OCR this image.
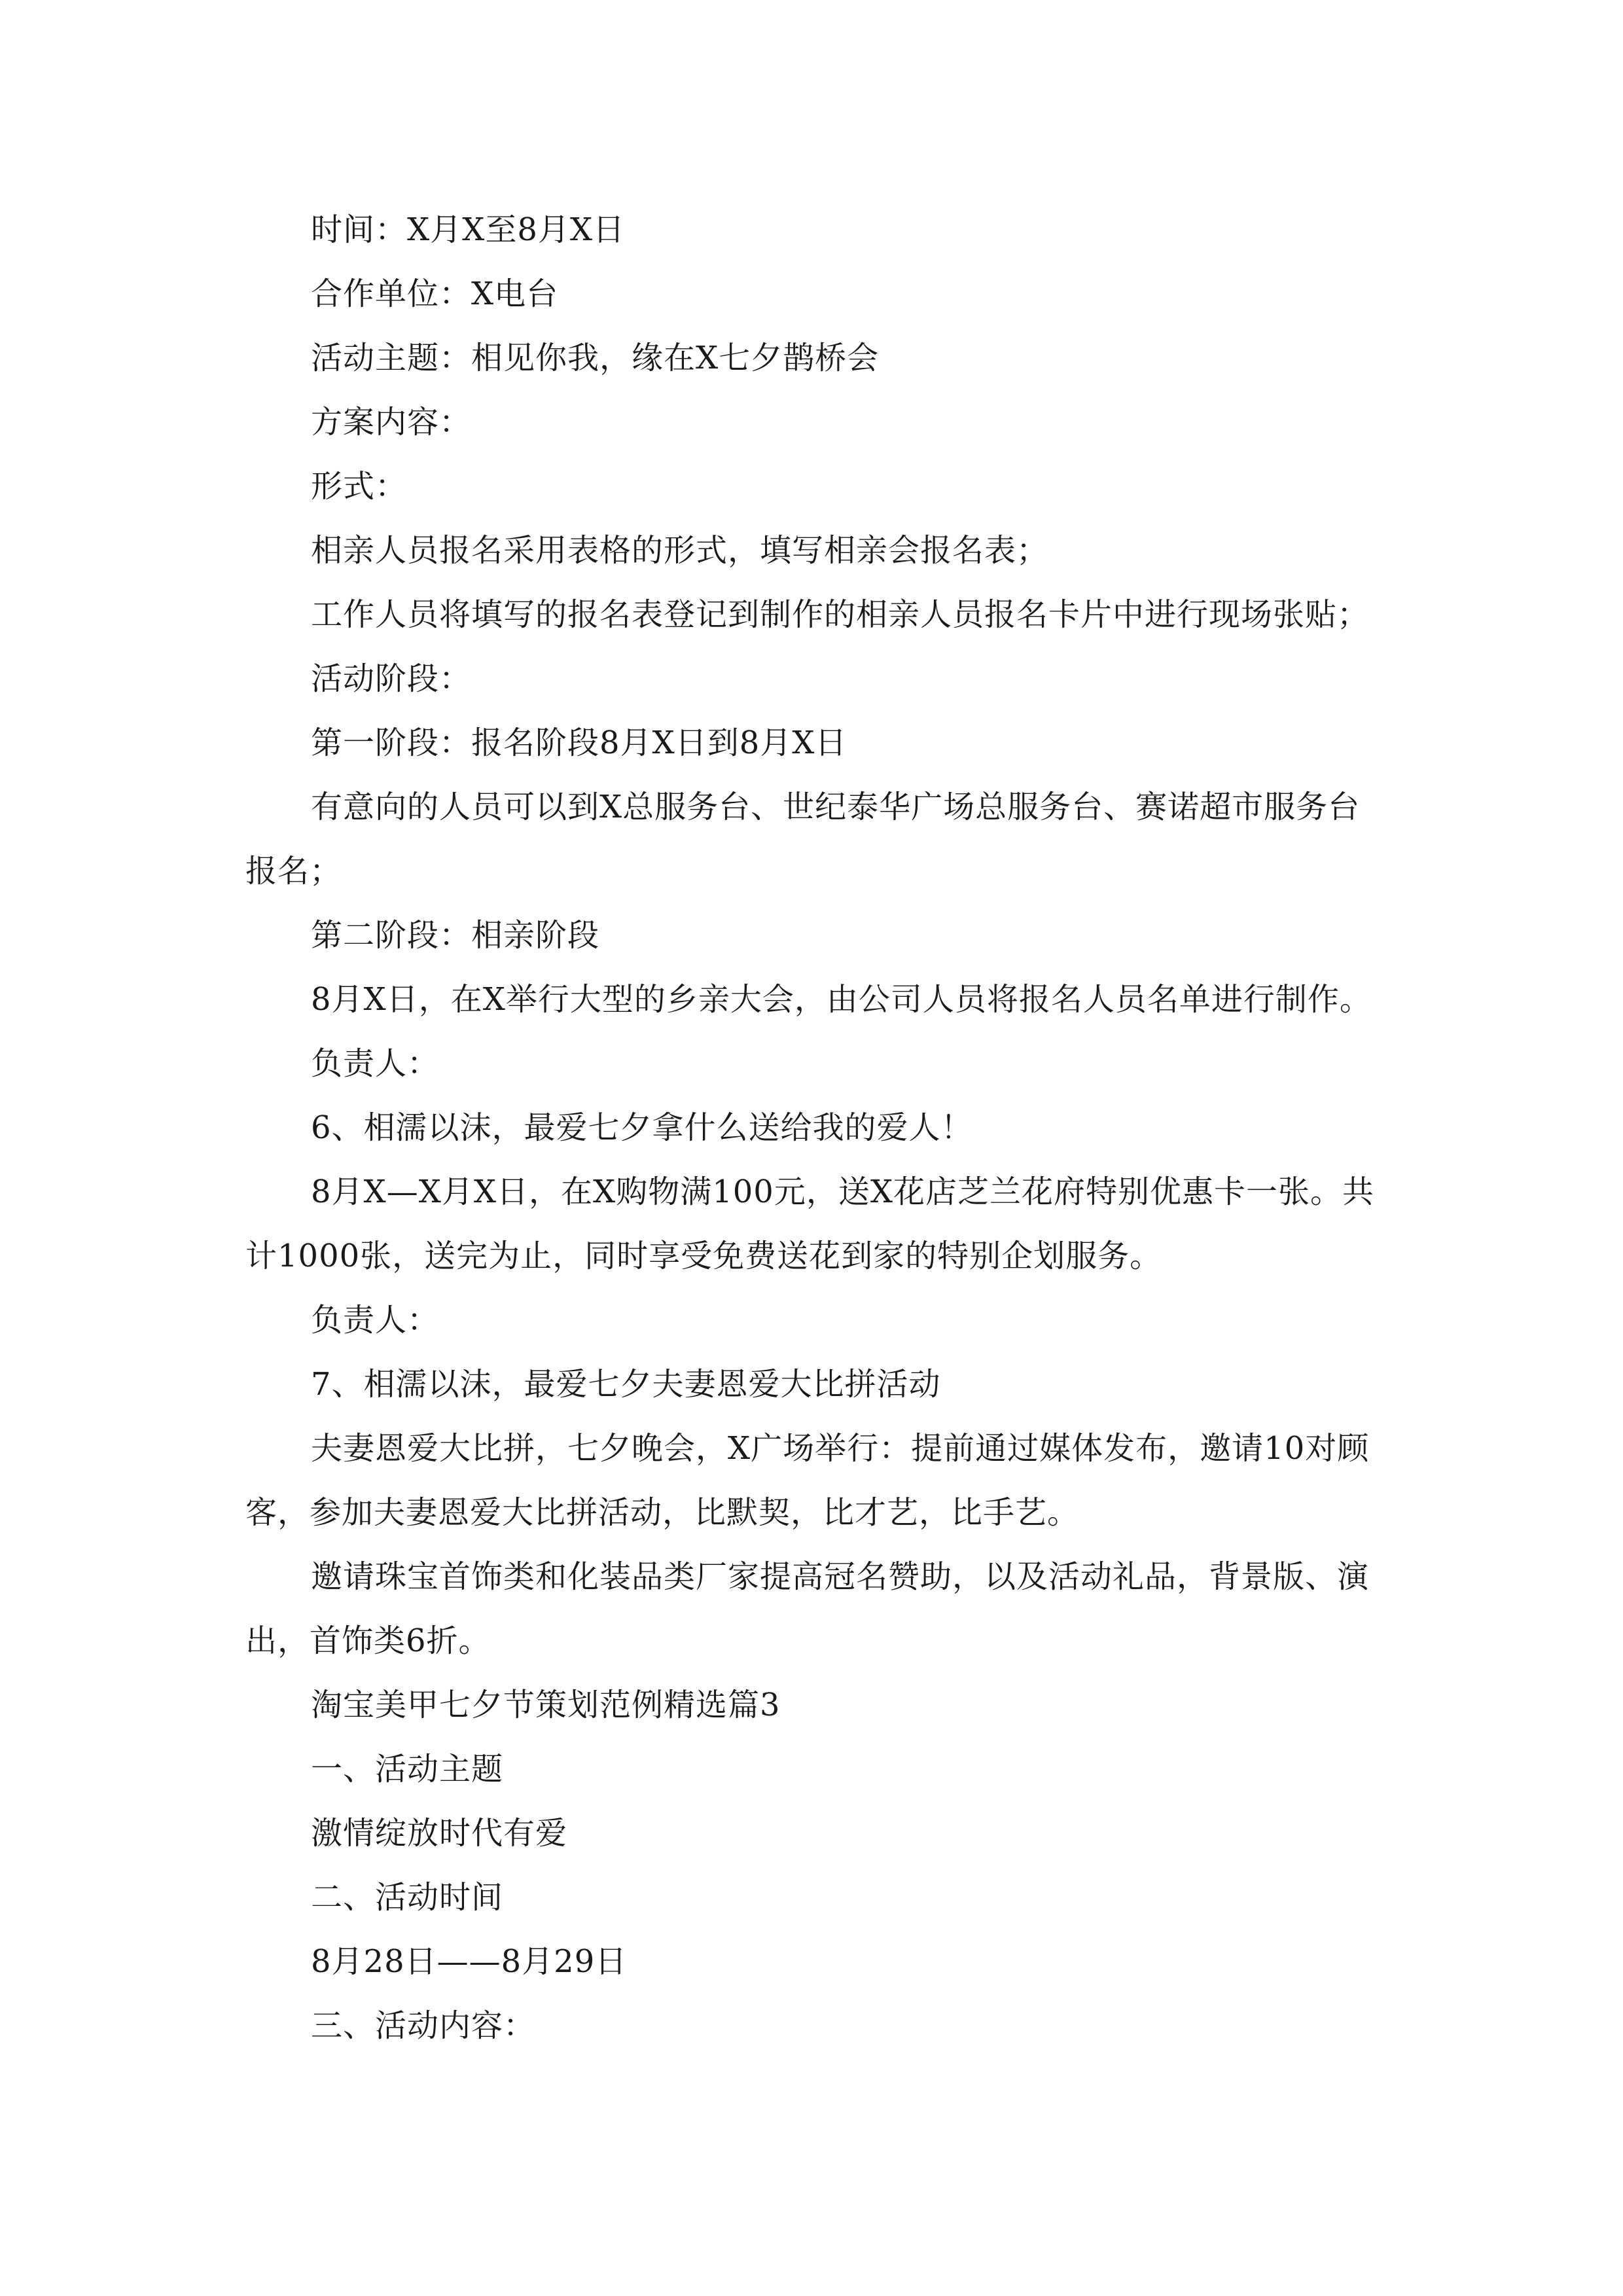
时间：X月X至8月X日

合作单位：X电台

活动主题：相见你我，缘在X七夕鹊桥会

方案内容：

形式：

相亲人员报名采用表格的形式，填写相亲会报名表；

工作人员将填写的报名表登记到制作的相亲人员报名卡片中进行现场张贴；

活动阶段：

第一阶段：报名阶段8月X日到8月X日

有意向的人员可以到X总服务台、世纪泰华广场总服务台、赛诺超市服务台报名；

第二阶段：相亲阶段

8月X日，在X举行大型的乡亲大会，由公司人员将报名人员名单进行制作。

负责人：

6、相濡以沫，最爱七夕拿什么送给我的爱人！

8月X—X月X日，在X购物满100元，送X花店芝兰花府特别优惠卡一张。共计1000张，送完为止，同时享受免费送花到家的特别企划服务。

负责人：

7、相濡以沫，最爱七夕夫妻恩爱大比拼活动

夫妻恩爱大比拼，七夕晚会，X广场举行：提前通过媒体发布，邀请10对顾客，参加夫妻恩爱大比拼活动，比默契，比才艺，比手艺。

邀请珠宝首饰类和化装品类厂家提高冠名赞助，以及活动礼品，背景版、演出，首饰类6折。

淘宝美甲七夕节策划范例精选篇3

一、活动主题

激情绽放时代有爱

二、活动时间

8月28日——8月29日

三、活动内容：
